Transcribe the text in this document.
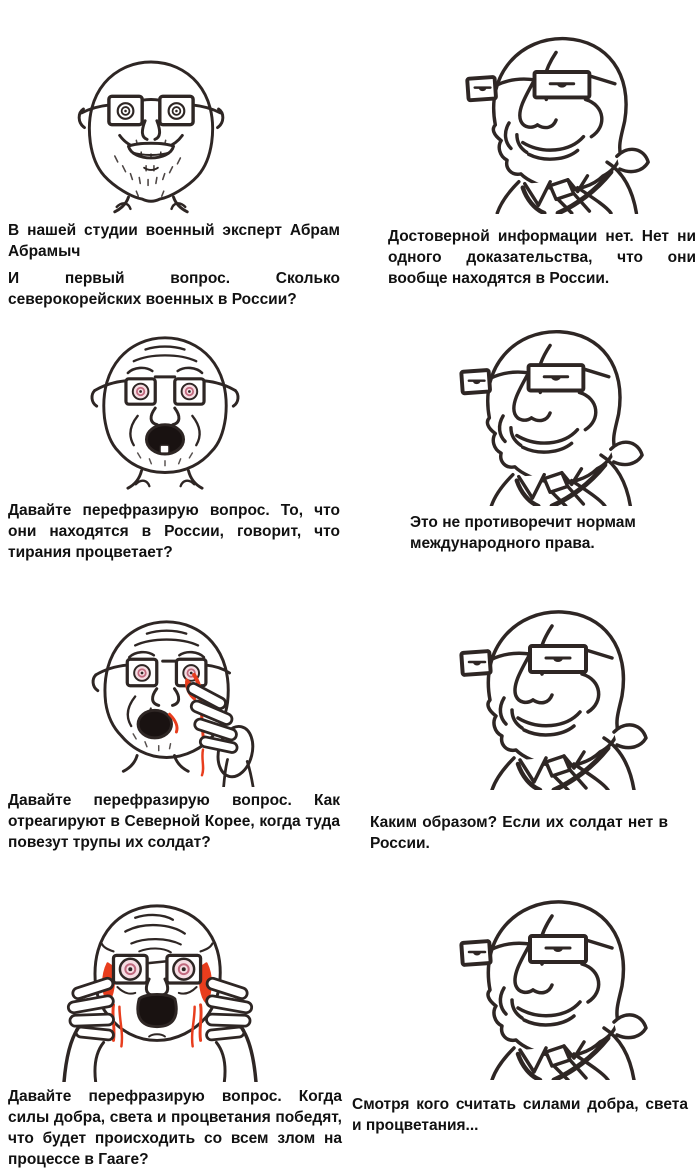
В нашей студии военный эксперт Абрам Абрамыч

И первый вопрос. Сколько северокорейских военных в России?

Достоверной информации нет. Нет ни одного доказательства, что они вообще находятся в России.

Давайте перефразирую вопрос. То, что они находятся в России, говорит, что тирания процветает?

Это не противоречит нормам международного права.

Давайте перефразирую вопрос. Как отреагируют в Северной Корее, когда туда повезут трупы их солдат?

Каким образом? Если их солдат нет в России.

Давайте перефразирую вопрос. Когда силы добра, света и процветания победят, что будет происходить со всем злом на процессе в Гааге?

Смотря кого считать силами добра, света и процветания...
